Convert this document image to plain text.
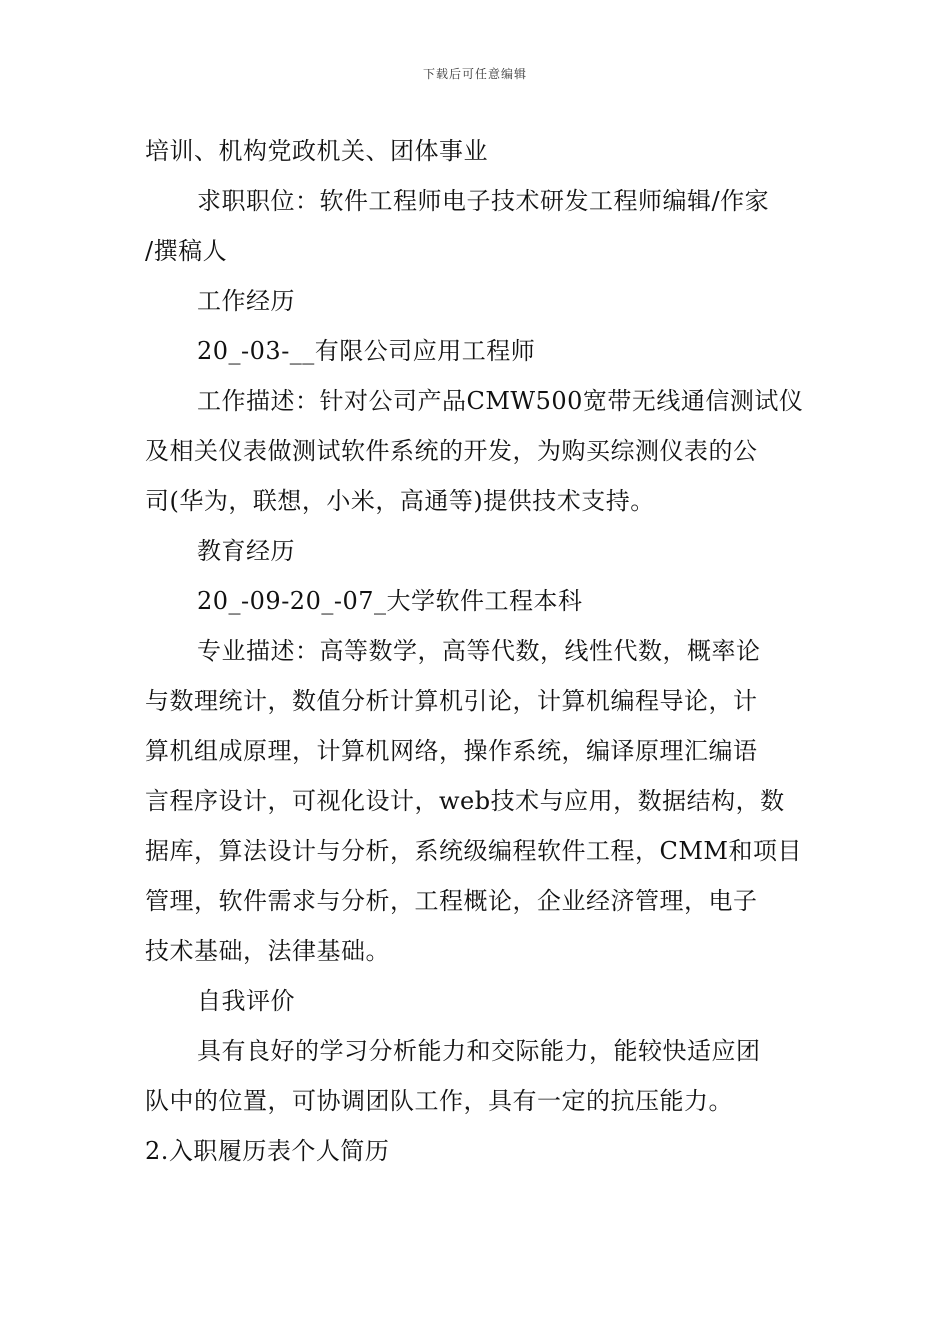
下载后可任意编辑
培训、机构党政机关、团体事业
求职职位：软件工程师电子技术研发工程师编辑/作家
/撰稿人
工作经历
20_-03-__有限公司应用工程师
工作描述：针对公司产品CMW500宽带无线通信测试仪
及相关仪表做测试软件系统的开发，为购买综测仪表的公
司(华为，联想，小米，高通等)提供技术支持。
教育经历
20_-09-20_-07_大学软件工程本科
专业描述：高等数学，高等代数，线性代数，概率论
与数理统计，数值分析计算机引论，计算机编程导论，计
算机组成原理，计算机网络，操作系统，编译原理汇编语
言程序设计，可视化设计，web技术与应用，数据结构，数
据库，算法设计与分析，系统级编程软件工程，CMM和项目
管理，软件需求与分析，工程概论，企业经济管理，电子
技术基础，法律基础。
自我评价
具有良好的学习分析能力和交际能力，能较快适应团
队中的位置，可协调团队工作，具有一定的抗压能力。
2.入职履历表个人简历
